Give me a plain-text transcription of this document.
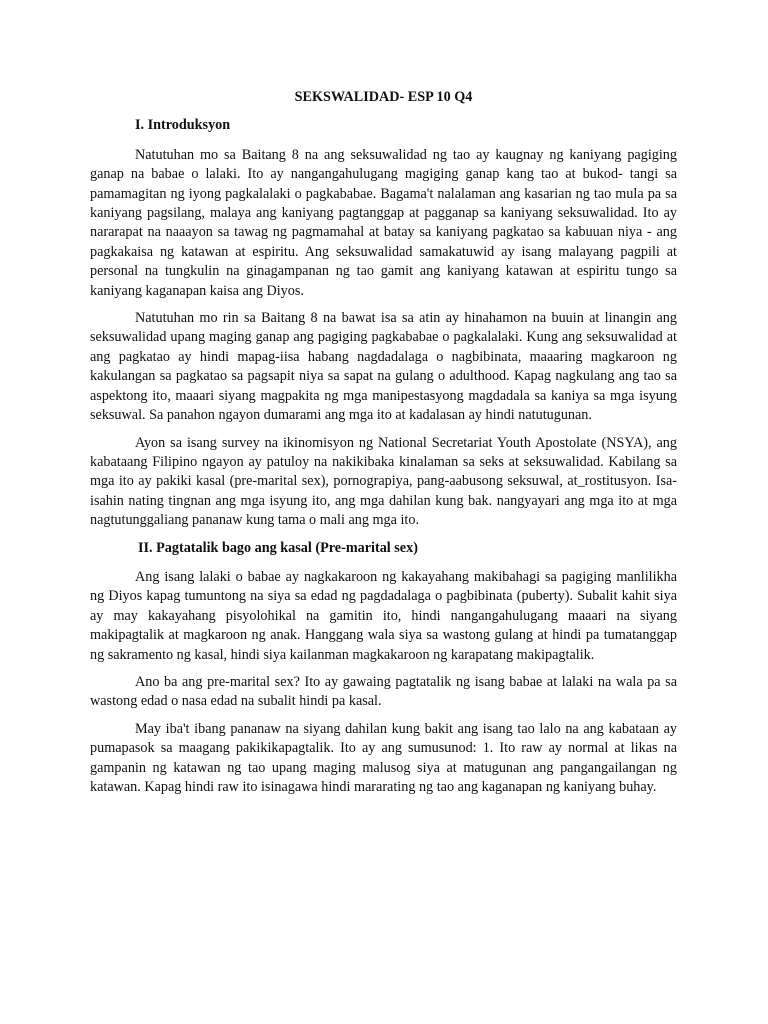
SEKSWALIDAD- ESP 10 Q4
I. Introduksyon

Natutuhan mo sa Baitang 8 na ang seksuwalidad ng tao ay kaugnay ng kaniyang pagiging ganap na babae o lalaki. Ito ay nangangahulugang magiging ganap kang tao at bukod- tangi sa pamamagitan ng iyong pagkalalaki o pagkababae. Bagama't nalalaman ang kasarian ng tao mula pa sa kaniyang pagsilang, malaya ang kaniyang pagtanggap at pagganap sa kaniyang seksuwalidad. Ito ay nararapat na naaayon sa tawag ng pagmamahal at batay sa kaniyang pagkatao sa kabuuan niya - ang pagkakaisa ng katawan at espiritu. Ang seksuwalidad samakatuwid ay isang malayang pagpili at personal na tungkulin na ginagampanan ng tao gamit ang kaniyang katawan at espiritu tungo sa kaniyang kaganapan kaisa ang Diyos.

Natutuhan mo rin sa Baitang 8 na bawat isa sa atin ay hinahamon na buuin at linangin ang seksuwalidad upang maging ganap ang pagiging pagkababae o pagkalalaki. Kung ang seksuwalidad at ang pagkatao ay hindi mapag-iisa habang nagdadalaga o nagbibinata, maaaring magkaroon ng kakulangan sa pagkatao sa pagsapit niya sa sapat na gulang o adulthood. Kapag nagkulang ang tao sa aspektong ito, maaari siyang magpakita ng mga manipestasyong magdadala sa kaniya sa mga isyung seksuwal. Sa panahon ngayon dumarami ang mga ito at kadalasan ay hindi natutugunan.

Ayon sa isang survey na ikinomisyon ng National Secretariat Youth Apostolate (NSYA), ang kabataang Filipino ngayon ay patuloy na nakikibaka kinalaman sa seks at seksuwalidad. Kabilang sa mga ito ay pakiki kasal (pre-marital sex), pornograpiya, pang-aabusong seksuwal, at_rostitusyon. Isa- isahin nating tingnan ang mga isyung ito, ang mga dahilan kung bak. nangyayari ang mga ito at mga nagtutunggaliang pananaw kung tama o mali ang mga ito.

II. Pagtatalik bago ang kasal (Pre-marital sex)

Ang isang lalaki o babae ay nagkakaroon ng kakayahang makibahagi sa pagiging manlilikha ng Diyos kapag tumuntong na siya sa edad ng pagdadalaga o pagbibinata (puberty). Subalit kahit siya ay may kakayahang pisyolohikal na gamitin ito, hindi nangangahulugang maaari na siyang makipagtalik at magkaroon ng anak. Hanggang wala siya sa wastong gulang at hindi pa tumatanggap ng sakramento ng kasal, hindi siya kailanman magkakaroon ng karapatang makipagtalik.

Ano ba ang pre-marital sex? Ito ay gawaing pagtatalik ng isang babae at lalaki na wala pa sa wastong edad o nasa edad na subalit hindi pa kasal.

May iba't ibang pananaw na siyang dahilan kung bakit ang isang tao lalo na ang kabataan ay pumapasok sa maagang pakikikapagtalik. Ito ay ang sumusunod: 1. Ito raw ay normal at likas na gampanin ng katawan ng tao upang maging malusog siya at matugunan ang pangangailangan ng katawan. Kapag hindi raw ito isinagawa hindi mararating ng tao ang kaganapan ng kaniyang buhay.
